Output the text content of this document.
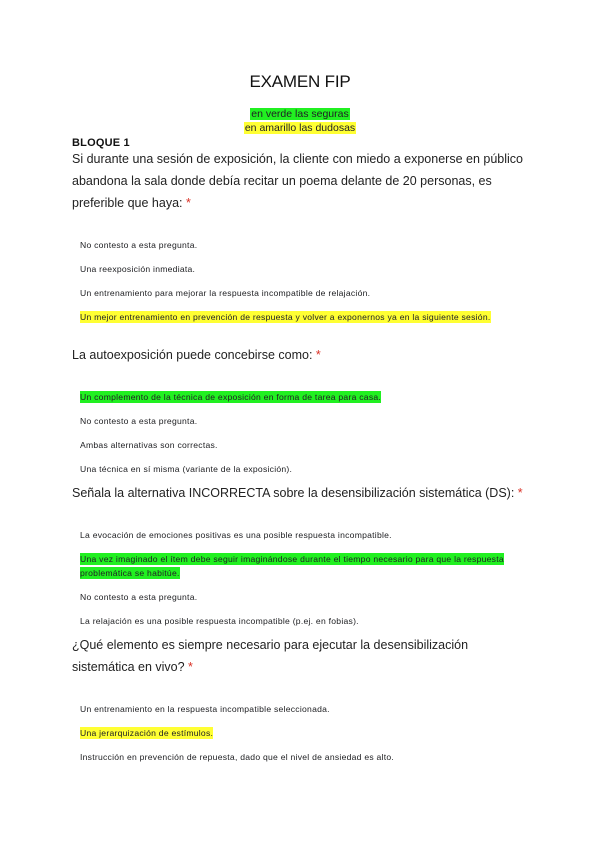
EXAMEN FIP
en verde las seguras
en amarillo las dudosas
BLOQUE 1
Si durante una sesión de exposición, la cliente con miedo a exponerse en público abandona la sala donde debía recitar un poema delante de 20 personas, es preferible que haya: *
No contesto a esta pregunta.
Una reexposición inmediata.
Un entrenamiento para mejorar la respuesta incompatible de relajación.
Un mejor entrenamiento en prevención de respuesta y volver a exponernos ya en la siguiente sesión.
La autoexposición puede concebirse como: *
Un complemento de la técnica de exposición en forma de tarea para casa.
No contesto a esta pregunta.
Ambas alternativas son correctas.
Una técnica en sí misma (variante de la exposición).
Señala la alternativa INCORRECTA sobre la desensibilización sistemática (DS): *
La evocación de emociones positivas es una posible respuesta incompatible.
Una vez imaginado el ítem debe seguir imaginándose durante el tiempo necesario para que la respuesta problemática se habitúe.
No contesto a esta pregunta.
La relajación es una posible respuesta incompatible (p.ej. en fobias).
¿Qué elemento es siempre necesario para ejecutar la desensibilización sistemática en vivo? *
Un entrenamiento en la respuesta incompatible seleccionada.
Una jerarquización de estímulos.
Instrucción en prevención de repuesta, dado que el nivel de ansiedad es alto.
